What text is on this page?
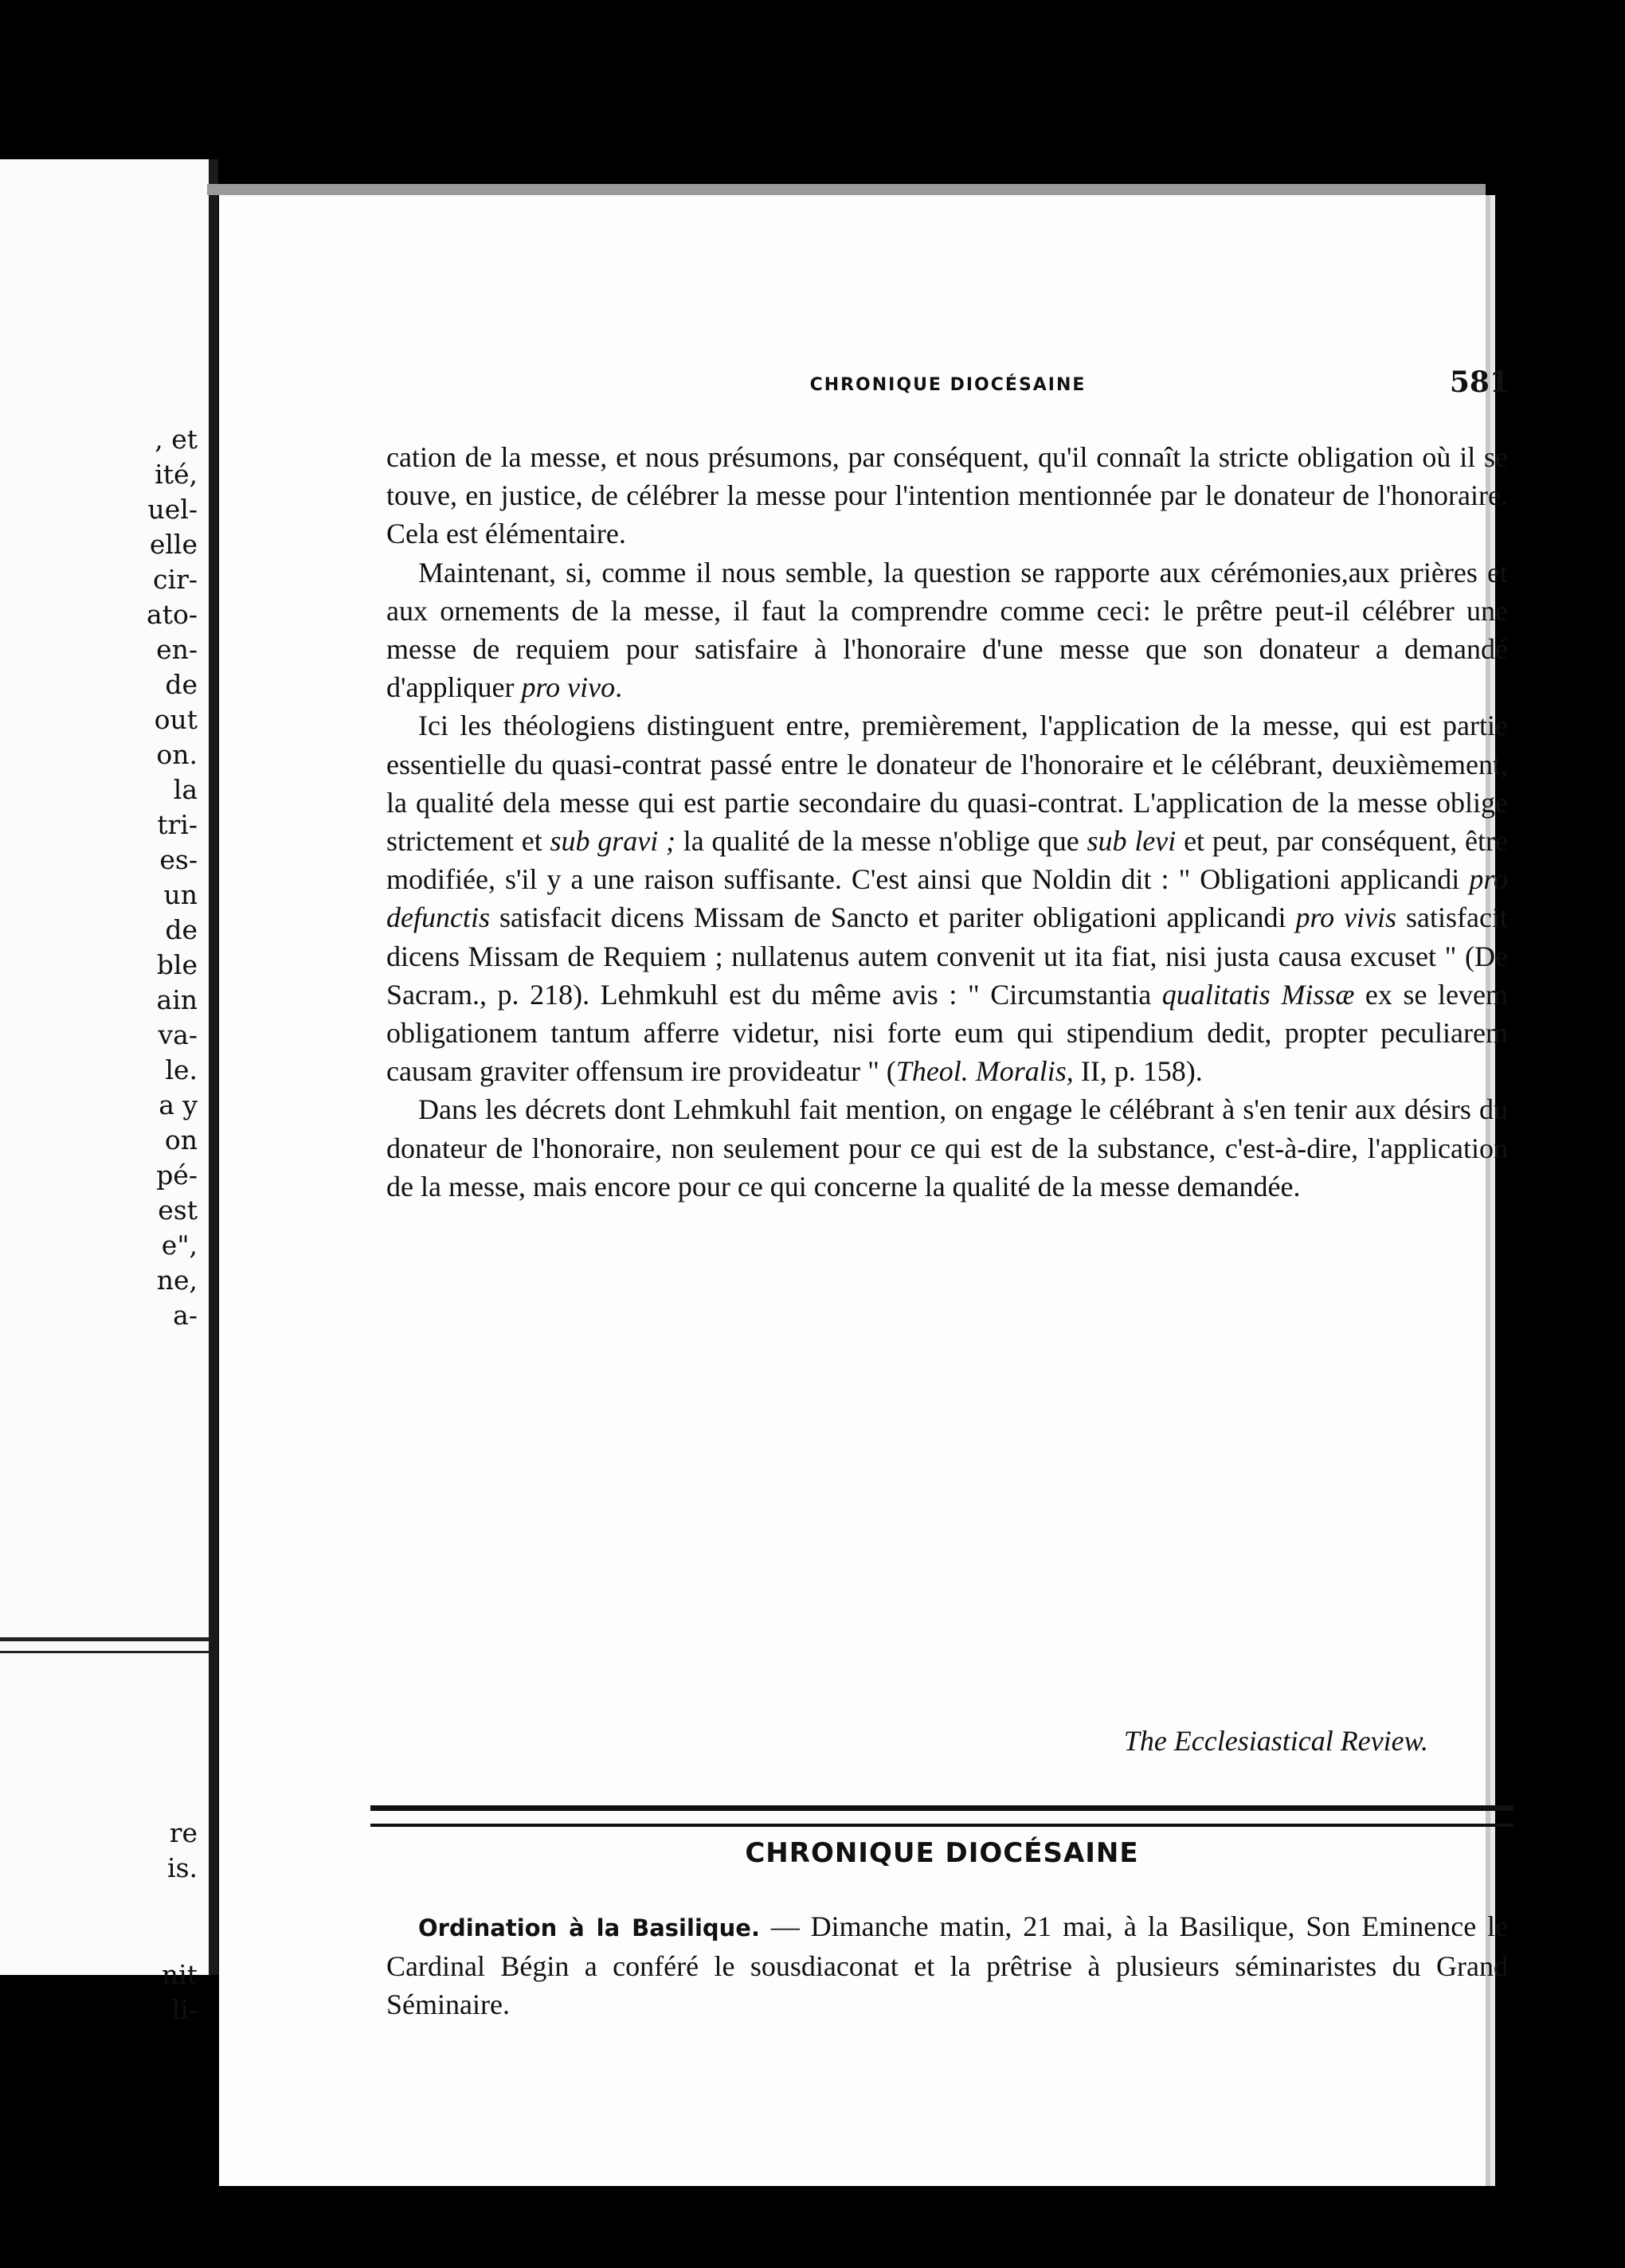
, et
ité,
uel-
elle
cir-
ato-
en-
de
out
on.
la
tri-
es-
un
de
ble
ain
va-
le.
a y
on
pé-
est
e",
ne,
a-
re
is.
nit
li-
CHRONIQUE DIOCÉSAINE	581

cation de la messe, et nous présumons, par conséquent, qu'il connaît la stricte obligation où il se touve, en justice, de célébrer la messe pour l'intention mentionnée par le donateur de l'honoraire. Cela est élémentaire.

Maintenant, si, comme il nous semble, la question se rapporte aux cérémonies,aux prières et aux ornements de la messe, il faut la comprendre comme ceci: le prêtre peut-il célébrer une messe de requiem pour satisfaire à l'honoraire d'une messe que son donateur a demandé d'appliquer pro vivo.

Ici les théologiens distinguent entre, premièrement, l'application de la messe, qui est partie essentielle du quasi-contrat passé entre le donateur de l'honoraire et le célébrant, deuxièmement, la qualité dela messe qui est partie secondaire du quasi-contrat. L'application de la messe oblige strictement et sub gravi ; la qualité de la messe n'oblige que sub levi et peut, par conséquent, être modifiée, s'il y a une raison suffisante. C'est ainsi que Noldin dit : " Obligationi applicandi pro defunctis satisfacit dicens Missam de Sancto et pariter obligationi applicandi pro vivis satisfacit dicens Missam de Requiem ; nullatenus autem convenit ut ita fiat, nisi justa causa excuset " (De Sacram., p. 218). Lehmkuhl est du même avis : " Circumstantia qualitatis Missæ ex se levem obligationem tantum afferre videtur, nisi forte eum qui stipendium dedit, propter peculiarem causam graviter offensum ire provideatur " (Theol. Moralis, II, p. 158).

Dans les décrets dont Lehmkuhl fait mention, on engage le célébrant à s'en tenir aux désirs du donateur de l'honoraire, non seulement pour ce qui est de la substance, c'est-à-dire, l'application de la messe, mais encore pour ce qui concerne la qualité de la messe demandée.

The Ecclesiastical Review.
CHRONIQUE DIOCÉSAINE

Ordination à la Basilique. — Dimanche matin, 21 mai, à la Basilique, Son Eminence le Cardinal Bégin a conféré le sousdiaconat et la prêtrise à plusieurs séminaristes du Grand Séminaire.
